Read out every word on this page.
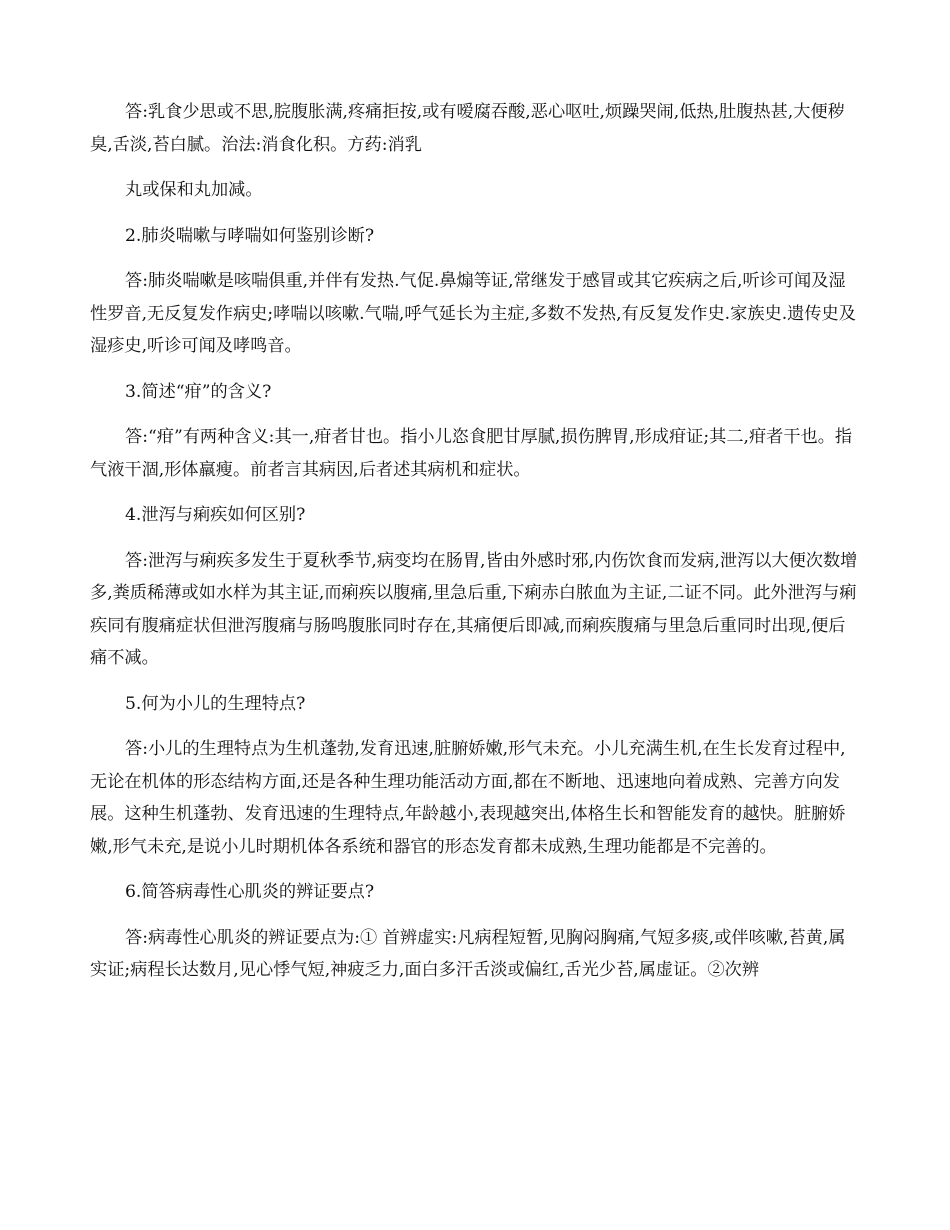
答:乳食少思或不思,脘腹胀满,疼痛拒按,或有嗳腐吞酸,恶心呕吐,烦躁哭闹,低热,肚腹热甚,大便秽臭,舌淡,苔白腻。治法:消食化积。方药:消乳

丸或保和丸加减。

2.肺炎喘嗽与哮喘如何鉴别诊断?

答:肺炎喘嗽是咳喘俱重,并伴有发热.气促.鼻煽等证,常继发于感冒或其它疾病之后,听诊可闻及湿性罗音,无反复发作病史;哮喘以咳嗽.气喘,呼气延长为主症,多数不发热,有反复发作史.家族史.遗传史及湿疹史,听诊可闻及哮鸣音。

3.简述“疳”的含义?

答:“疳”有两种含义:其一,疳者甘也。指小儿恣食肥甘厚腻,损伤脾胃,形成疳证;其二,疳者干也。指气液干涸,形体羸瘦。前者言其病因,后者述其病机和症状。

4.泄泻与痢疾如何区别?

答:泄泻与痢疾多发生于夏秋季节,病变均在肠胃,皆由外感时邪,内伤饮食而发病,泄泻以大便次数增多,粪质稀薄或如水样为其主证,而痢疾以腹痛,里急后重,下痢赤白脓血为主证,二证不同。此外泄泻与痢疾同有腹痛症状但泄泻腹痛与肠鸣腹胀同时存在,其痛便后即减,而痢疾腹痛与里急后重同时出现,便后痛不减。

5.何为小儿的生理特点?

答:小儿的生理特点为生机蓬勃,发育迅速,脏腑娇嫩,形气未充。小儿充满生机,在生长发育过程中,无论在机体的形态结构方面,还是各种生理功能活动方面,都在不断地、迅速地向着成熟、完善方向发展。这种生机蓬勃、发育迅速的生理特点,年龄越小,表现越突出,体格生长和智能发育的越快。脏腑娇嫩,形气未充,是说小儿时期机体各系统和器官的形态发育都未成熟,生理功能都是不完善的。

6.简答病毒性心肌炎的辨证要点?

答:病毒性心肌炎的辨证要点为:① 首辨虚实:凡病程短暂,见胸闷胸痛,气短多痰,或伴咳嗽,苔黄,属实证;病程长达数月,见心悸气短,神疲乏力,面白多汗舌淡或偏红,舌光少苔,属虚证。②次辨
